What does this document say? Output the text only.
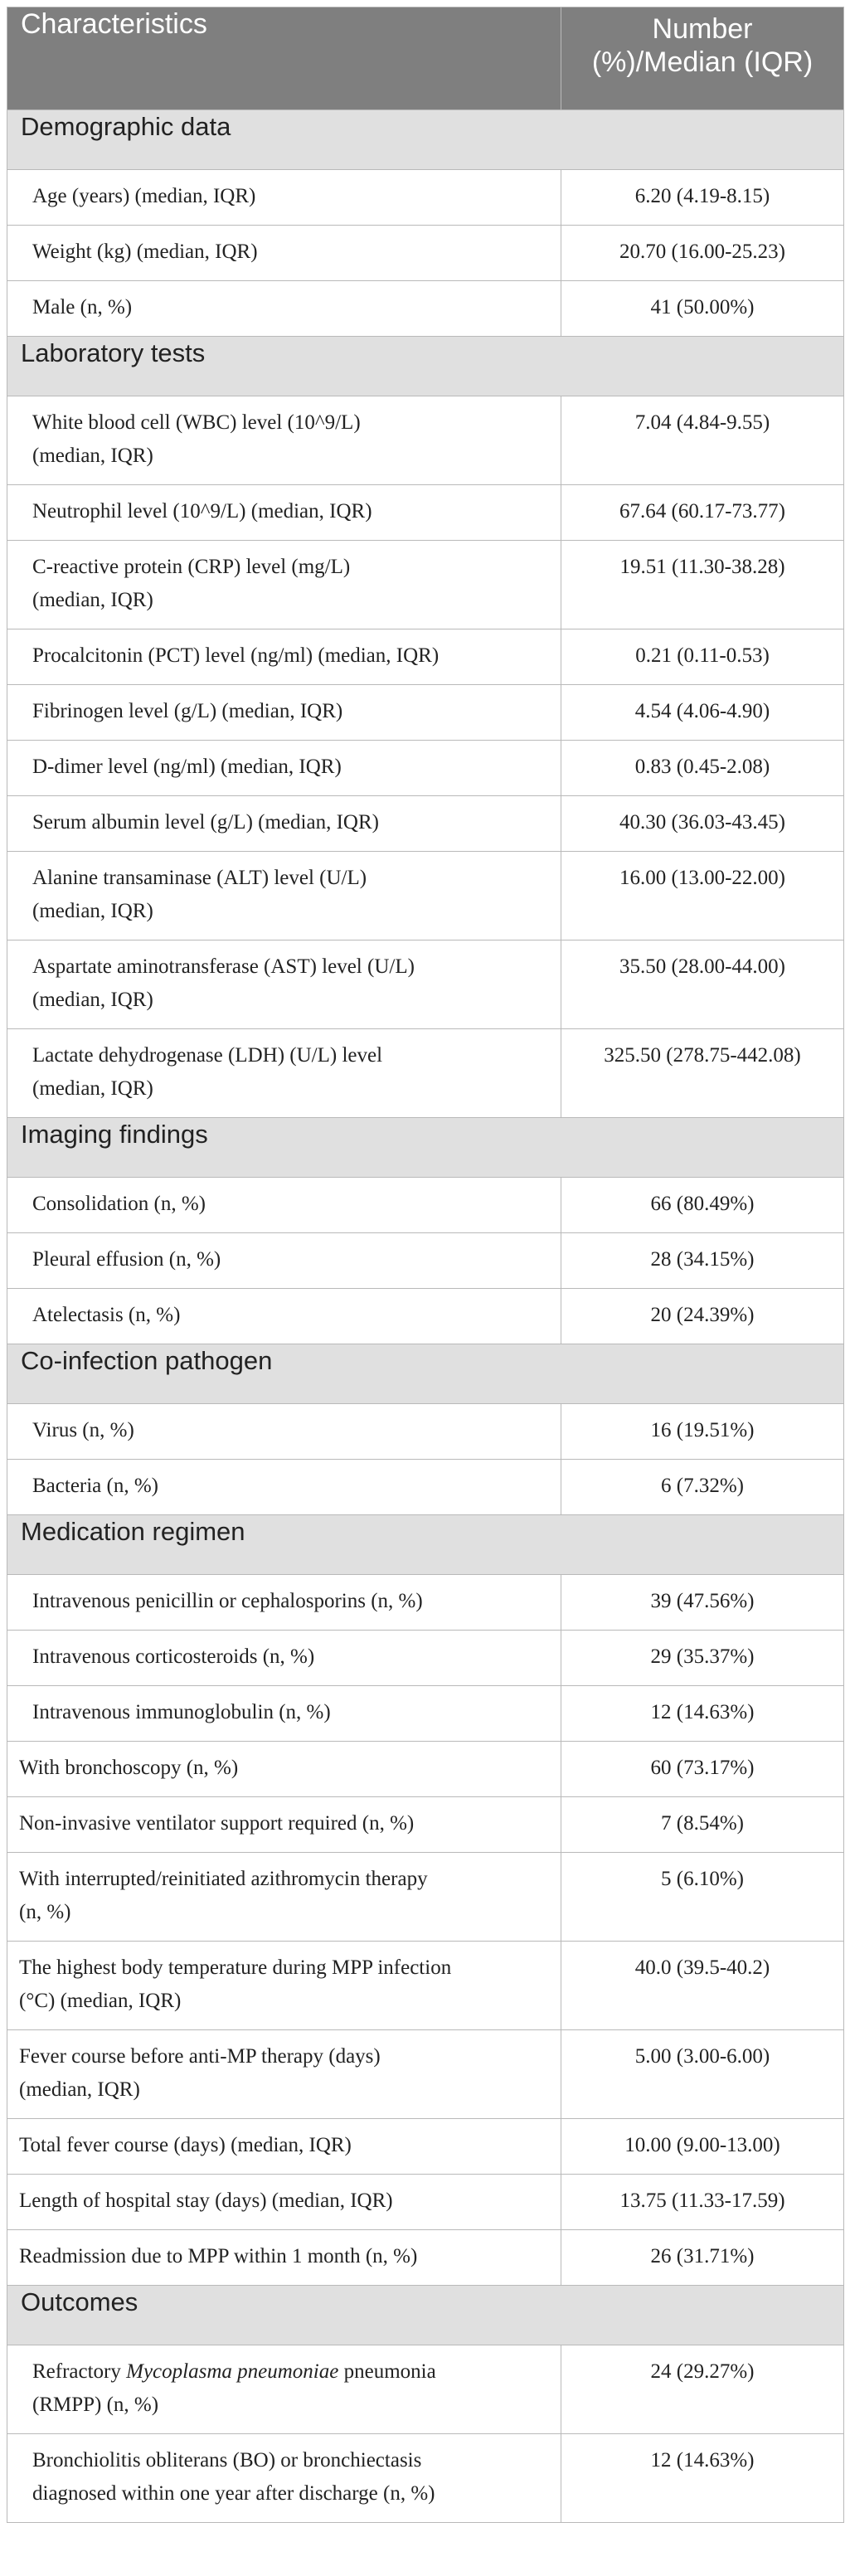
Characteristics	Number
(%)/Median (IQR)
Demographic data	
Age (years) (median, IQR)	6.20 (4.19-8.15)
Weight (kg) (median, IQR)	20.70 (16.00-25.23)
Male (n, %)	41 (50.00%)
Laboratory tests	
White blood cell (WBC) level (10^9/L)
(median, IQR)	7.04 (4.84-9.55)
Neutrophil level (10^9/L) (median, IQR)	67.64 (60.17-73.77)
C-reactive protein (CRP) level (mg/L)
(median, IQR)	19.51 (11.30-38.28)
Procalcitonin (PCT) level (ng/ml) (median, IQR)	0.21 (0.11-0.53)
Fibrinogen level (g/L) (median, IQR)	4.54 (4.06-4.90)
D-dimer level (ng/ml) (median, IQR)	0.83 (0.45-2.08)
Serum albumin level (g/L) (median, IQR)	40.30 (36.03-43.45)
Alanine transaminase (ALT) level (U/L)
(median, IQR)	16.00 (13.00-22.00)
Aspartate aminotransferase (AST) level (U/L)
(median, IQR)	35.50 (28.00-44.00)
Lactate dehydrogenase (LDH) (U/L) level
(median, IQR)	325.50 (278.75-442.08)
Imaging findings	
Consolidation (n, %)	66 (80.49%)
Pleural effusion (n, %)	28 (34.15%)
Atelectasis (n, %)	20 (24.39%)
Co-infection pathogen	
Virus (n, %)	16 (19.51%)
Bacteria (n, %)	6 (7.32%)
Medication regimen	
Intravenous penicillin or cephalosporins (n, %)	39 (47.56%)
Intravenous corticosteroids (n, %)	29 (35.37%)
Intravenous immunoglobulin (n, %)	12 (14.63%)
With bronchoscopy (n, %)	60 (73.17%)
Non-invasive ventilator support required (n, %)	7 (8.54%)
With interrupted/reinitiated azithromycin therapy
(n, %)	5 (6.10%)
The highest body temperature during MPP infection
(°C) (median, IQR)	40.0 (39.5-40.2)
Fever course before anti-MP therapy (days)
(median, IQR)	5.00 (3.00-6.00)
Total fever course (days) (median, IQR)	10.00 (9.00-13.00)
Length of hospital stay (days) (median, IQR)	13.75 (11.33-17.59)
Readmission due to MPP within 1 month (n, %)	26 (31.71%)
Outcomes	
Refractory Mycoplasma pneumoniae pneumonia
(RMPP) (n, %)	24 (29.27%)
Bronchiolitis obliterans (BO) or bronchiectasis
diagnosed within one year after discharge (n, %)	12 (14.63%)
